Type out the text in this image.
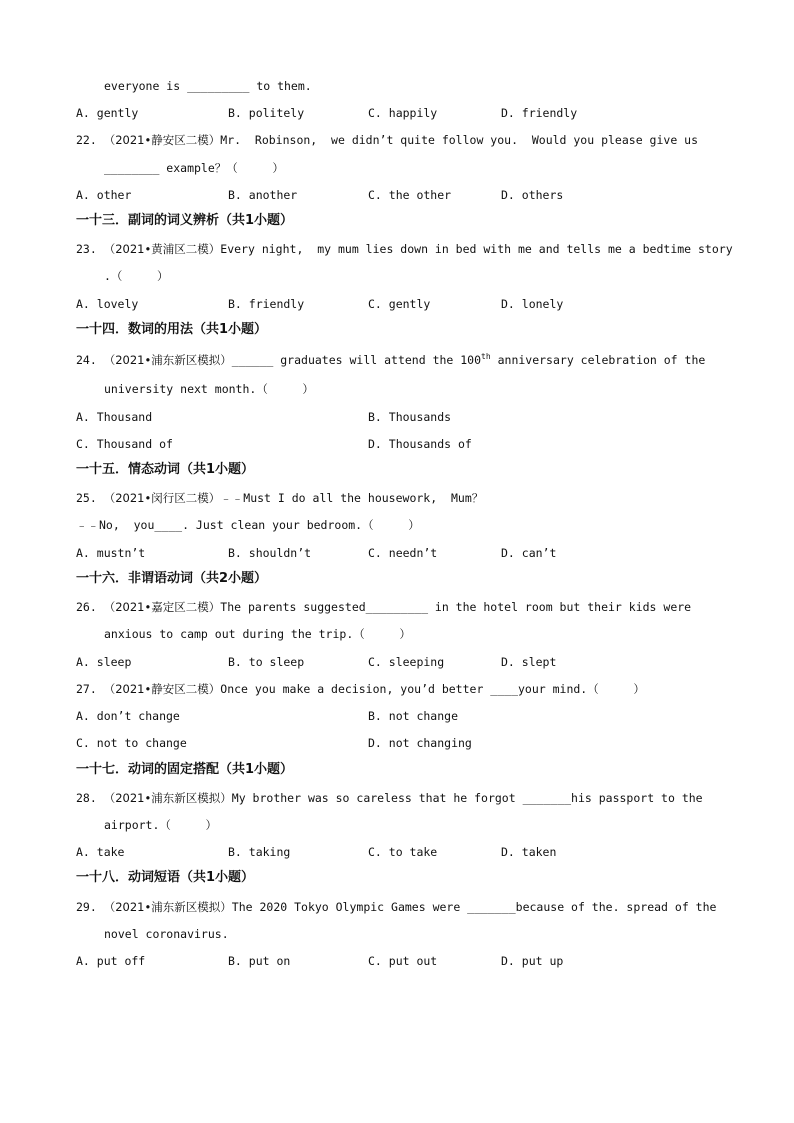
everyone is _________ to them.
A. gently	B. politely	C. happily	D. friendly
22. （2021•静安区二模）Mr.  Robinson,  we didn’t quite follow you.  Would you please give us
________ example？（     ）
A. other	B. another	C. the other	D. others
一十三．副词的词义辨析（共1小题）
23. （2021•黄浦区二模）Every night,  my mum lies down in bed with me and tells me a bedtime story
.（     ）
A. lovely	B. friendly	C. gently	D. lonely
一十四．数词的用法（共1小题）
24. （2021•浦东新区模拟）______ graduates will attend the 100th anniversary celebration of the
university next month.（     ）
A. Thousand	B. Thousands
C. Thousand of	D. Thousands of
一十五．情态动词（共1小题）
25. （2021•闵行区二模）﹣﹣Must I do all the housework,  Mum？
﹣﹣No,  you____. Just clean your bedroom.（     ）
A. mustn’t	B. shouldn’t	C. needn’t	D. can’t
一十六．非谓语动词（共2小题）
26. （2021•嘉定区二模）The parents suggested_________ in the hotel room but their kids were
anxious to camp out during the trip.（     ）
A. sleep	B. to sleep	C. sleeping	D. slept
27. （2021•静安区二模）Once you make a decision, you’d better ____your mind.（     ）
A. don’t change	B. not change
C. not to change	D. not changing
一十七．动词的固定搭配（共1小题）
28. （2021•浦东新区模拟）My brother was so careless that he forgot _______his passport to the
airport.（     ）
A. take	B. taking	C. to take	D. taken
一十八．动词短语（共1小题）
29. （2021•浦东新区模拟）The 2020 Tokyo Olympic Games were _______because of the. spread of the
novel coronavirus.
A. put off	B. put on	C. put out	D. put up
